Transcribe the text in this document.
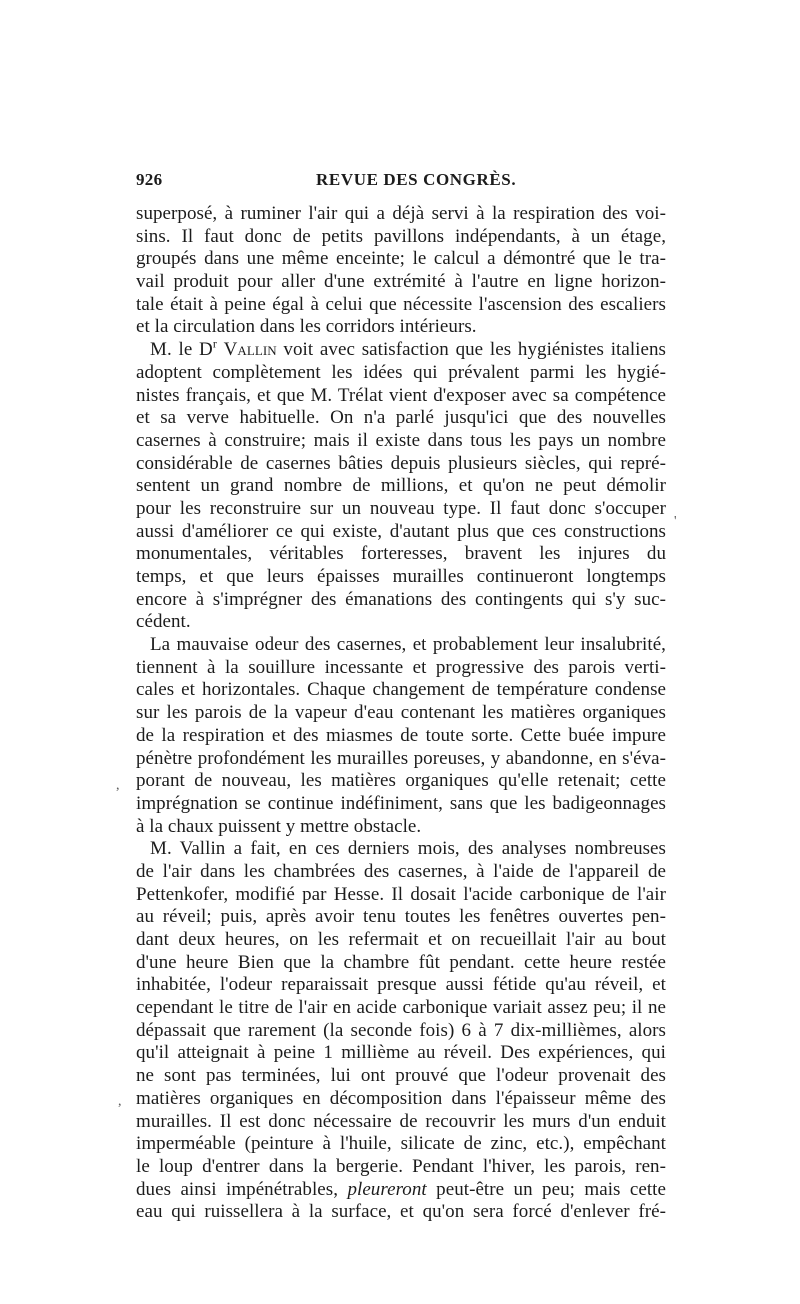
926	REVUE DES CONGRÈS.
superposé, à ruminer l'air qui a déjà servi à la respiration des voi-
sins. Il faut donc de petits pavillons indépendants, à un étage,
groupés dans une même enceinte; le calcul a démontré que le tra-
vail produit pour aller d'une extrémité à l'autre en ligne horizon-
tale était à peine égal à celui que nécessite l'ascension des escaliers
et la circulation dans les corridors intérieurs.
M. le $D^r$ Vallin voit avec satisfaction que les hygiénistes italiens
adoptent complètement les idées qui prévalent parmi les hygié-
nistes français, et que M. Trélat vient d'exposer avec sa compétence
et sa verve habituelle. On n'a parlé jusqu'ici que des nouvelles
casernes à construire; mais il existe dans tous les pays un nombre
considérable de casernes bâties depuis plusieurs siècles, qui repré-
sentent un grand nombre de millions, et qu'on ne peut démolir
pour les reconstruire sur un nouveau type. Il faut donc s'occuper
aussi d'améliorer ce qui existe, d'autant plus que ces constructions
monumentales, véritables forteresses, bravent les injures du
temps, et que leurs épaisses murailles continueront longtemps
encore à s'imprégner des émanations des contingents qui s'y suc-
cédent.
La mauvaise odeur des casernes, et probablement leur insalubrité,
tiennent à la souillure incessante et progressive des parois verti-
cales et horizontales. Chaque changement de température condense
sur les parois de la vapeur d'eau contenant les matières organiques
de la respiration et des miasmes de toute sorte. Cette buée impure
pénètre profondément les murailles poreuses, y abandonne, en s'éva-
porant de nouveau, les matières organiques qu'elle retenait; cette
imprégnation se continue indéfiniment, sans que les badigeonnages
à la chaux puissent y mettre obstacle.
M. Vallin a fait, en ces derniers mois, des analyses nombreuses
de l'air dans les chambrées des casernes, à l'aide de l'appareil de
Pettenkofer, modifié par Hesse. Il dosait l'acide carbonique de l'air
au réveil; puis, après avoir tenu toutes les fenêtres ouvertes pen-
dant deux heures, on les refermait et on recueillait l'air au bout
d'une heure Bien que la chambre fût pendant. cette heure restée
inhabitée, l'odeur reparaissait presque aussi fétide qu'au réveil, et
cependant le titre de l'air en acide carbonique variait assez peu; il ne
dépassait que rarement (la seconde fois) 6 à 7 dix-millièmes, alors
qu'il atteignait à peine 1 millième au réveil. Des expériences, qui
ne sont pas terminées, lui ont prouvé que l'odeur provenait des
matières organiques en décomposition dans l'épaisseur même des
murailles. Il est donc nécessaire de recouvrir les murs d'un enduit
imperméable (peinture à l'huile, silicate de zinc, etc.), empêchant
le loup d'entrer dans la bergerie. Pendant l'hiver, les parois, ren-
dues ainsi impénétrables, pleureront peut-être un peu; mais cette
eau qui ruissellera à la surface, et qu'on sera forcé d'enlever fré-
'
,
,
